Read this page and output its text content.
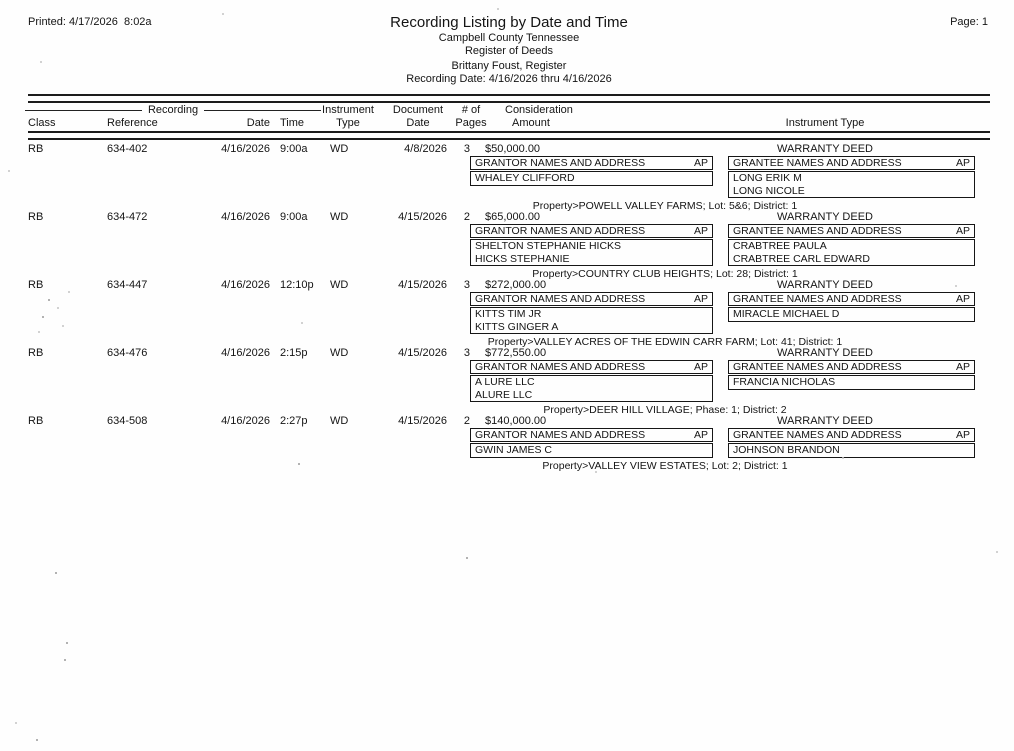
Printed: 4/17/2026  8:02a	Page: 1
Recording Listing by Date and Time
Campbell County Tennessee
Register of Deeds
Brittany Foust, Register
Recording Date: 4/16/2026 thru 4/16/2026
Recording	Instrument	Document	# of	Consideration
Class	Reference	Date Time	Type	Date	Pages	Amount	Instrument Type
RB	634-402	4/16/2026 9:00a WD	4/8/2026	3 $50,000.00	WARRANTY DEED
GRANTOR NAMES AND ADDRESS	AP
WHALEY CLIFFORD
GRANTEE NAMES AND ADDRESS	AP
LONG ERIK M
LONG NICOLE
Property>POWELL VALLEY FARMS; Lot: 5&6; District: 1
RB	634-472	4/16/2026 9:00a WD	4/15/2026	2 $65,000.00	WARRANTY DEED
GRANTOR NAMES AND ADDRESS	AP
SHELTON STEPHANIE HICKS
HICKS STEPHANIE
GRANTEE NAMES AND ADDRESS	AP
CRABTREE PAULA
CRABTREE CARL EDWARD
Property>COUNTRY CLUB HEIGHTS; Lot: 28; District: 1
RB	634-447	4/16/2026 12:10p WD	4/15/2026	3 $272,000.00	WARRANTY DEED
GRANTOR NAMES AND ADDRESS	AP
KITTS TIM JR
KITTS GINGER A
GRANTEE NAMES AND ADDRESS	AP
MIRACLE MICHAEL D
Property>VALLEY ACRES OF THE EDWIN CARR FARM; Lot: 41; District: 1
RB	634-476	4/16/2026 2:15p WD	4/15/2026	3 $772,550.00	WARRANTY DEED
GRANTOR NAMES AND ADDRESS	AP
A LURE LLC
ALURE LLC
GRANTEE NAMES AND ADDRESS	AP
FRANCIA NICHOLAS
Property>DEER HILL VILLAGE; Phase: 1; District: 2
RB	634-508	4/16/2026 2:27p WD	4/15/2026	2 $140,000.00	WARRANTY DEED
GRANTOR NAMES AND ADDRESS	AP
GWIN JAMES C
GRANTEE NAMES AND ADDRESS	AP
JOHNSON BRANDON
Property>VALLEY VIEW ESTATES; Lot: 2; District: 1
